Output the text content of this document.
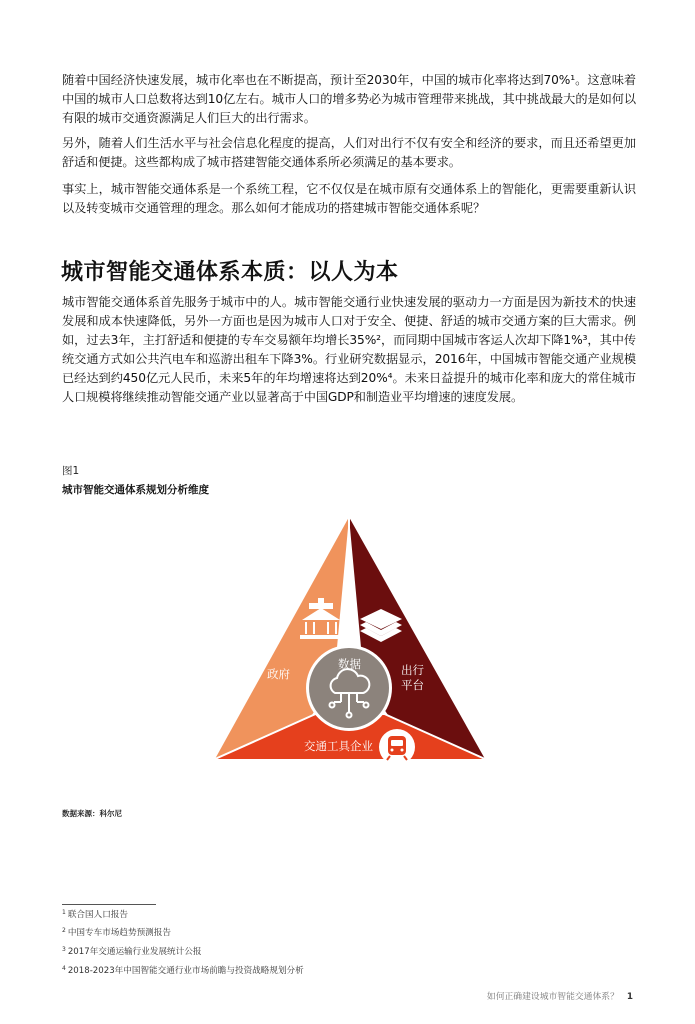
随着中国经济快速发展，城市化率也在不断提高，预计至2030年，中国的城市化率将达到70%¹。这意味着中国的城市人口总数将达到10亿左右。城市人口的增多势必为城市管理带来挑战，其中挑战最大的是如何以有限的城市交通资源满足人们巨大的出行需求。

另外，随着人们生活水平与社会信息化程度的提高，人们对出行不仅有安全和经济的要求，而且还希望更加舒适和便捷。这些都构成了城市搭建智能交通体系所必须满足的基本要求。

事实上，城市智能交通体系是一个系统工程，它不仅仅是在城市原有交通体系上的智能化，更需要重新认识以及转变城市交通管理的理念。那么如何才能成功的搭建城市智能交通体系呢？

城市智能交通体系本质：以人为本

城市智能交通体系首先服务于城市中的人。城市智能交通行业快速发展的驱动力一方面是因为新技术的快速发展和成本快速降低，另外一方面也是因为城市人口对于安全、便捷、舒适的城市交通方案的巨大需求。例如，过去3年，主打舒适和便捷的专车交易额年均增长35%²，而同期中国城市客运人次却下降1%³，其中传统交通方式如公共汽电车和巡游出租车下降3%。行业研究数据显示，2016年，中国城市智能交通产业规模已经达到约450亿元人民币，未来5年的年均增速将达到20%⁴。未来日益提升的城市化率和庞大的常住城市人口规模将继续推动智能交通产业以显著高于中国GDP和制造业平均增速的速度发展。

图1
城市智能交通体系规划分析维度
政府	出行
平台
交通工具企业
数据
数据来源：科尔尼
$^1$ 联合国人口报告
$^2$ 中国专车市场趋势预测报告
$^3$ 2017年交通运输行业发展统计公报
$^4$ 2018-2023年中国智能交通行业市场前瞻与投资战略规划分析
如何正确建设城市智能交通体系？ 1
